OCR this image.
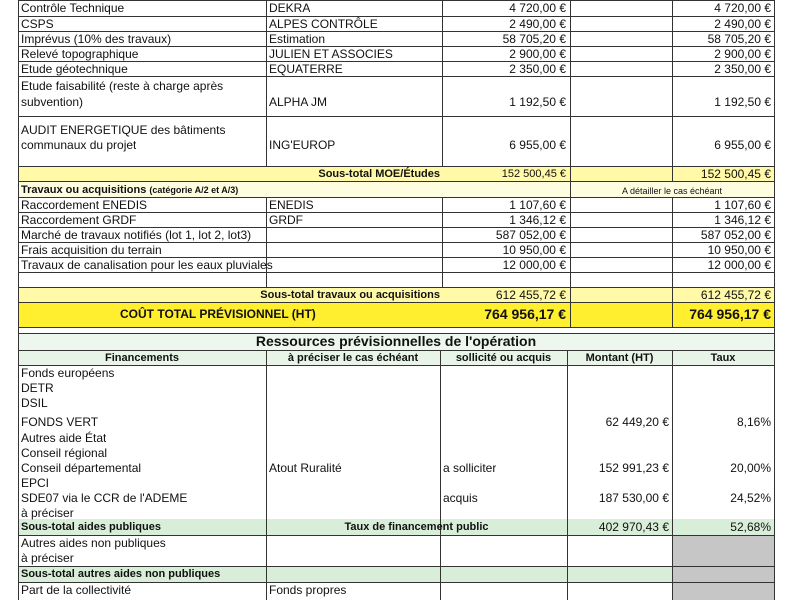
Contrôle Technique	DEKRA	4 720,00 €	4 720,00 €
CSPS	ALPES CONTRÔLE	2 490,00 €	2 490,00 €
Imprévus (10% des travaux)	Estimation	58 705,20 €	58 705,20 €
Relevé topographique	JULIEN ET ASSOCIES	2 900,00 €	2 900,00 €
Etude géotechnique	EQUATERRE	2 350,00 €	2 350,00 €
Etude faisabilité (reste à charge après
subvention)	ALPHA JM	1 192,50 €	1 192,50 €
AUDIT ENERGETIQUE des bâtiments
communaux du projet	ING'EUROP	6 955,00 €	6 955,00 €
Sous-total MOE/Études	152 500,45 €	152 500,45 €
Travaux ou acquisitions (catégorie A/2 et A/3)	A détailler le cas échéant
Raccordement ENEDIS	ENEDIS	1 107,60 €	1 107,60 €
Raccordement GRDF	GRDF	1 346,12 €	1 346,12 €
Marché de travaux notifiés (lot 1, lot 2, lot3)	587 052,00 €	587 052,00 €
Frais acquisition du terrain	10 950,00 €	10 950,00 €
Travaux de canalisation pour les eaux pluviales	12 000,00 €	12 000,00 €
Sous-total travaux ou acquisitions	612 455,72 €	612 455,72 €
COÛT TOTAL PRÉVISIONNEL (HT)	764 956,17 €	764 956,17 €
Ressources prévisionnelles de l'opération
Financements	à préciser le cas échéant	sollicité ou acquis	Montant (HT)	Taux
Fonds européens
DETR
DSIL
FONDS VERT	62 449,20 €	8,16%
Autres aide État
Conseil régional
Conseil départemental	Atout Ruralité	a solliciter	152 991,23 €	20,00%
EPCI
SDE07 via le CCR de l'ADEME	acquis	187 530,00 €	24,52%
à préciser
Sous-total aides publiques	Taux de financement public	402 970,43 €	52,68%
Autres aides non publiques
à préciser
Sous-total autres aides non publiques
Part de la collectivité	Fonds propres
